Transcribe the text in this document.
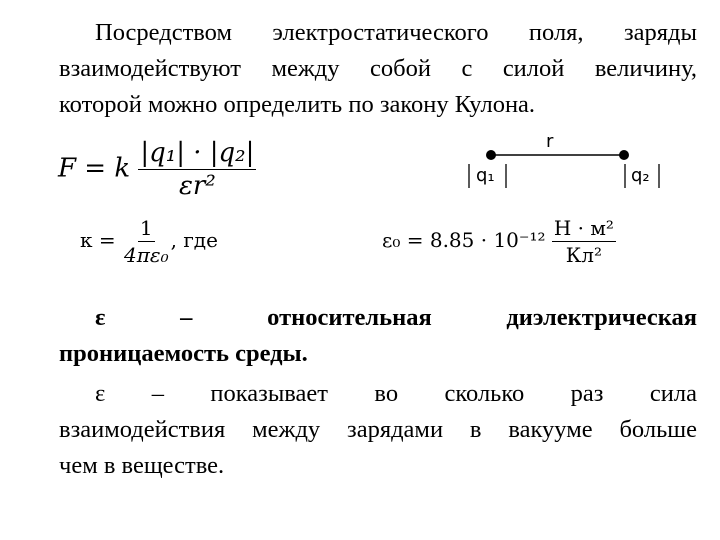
Посредством электростатического поля, заряды
взаимодействуют между собой с силой величину,
которой можно определить по закону Кулона.
F = k $\frac{\text{|q₁| · |q₂|}}{\text{εr²}}$
$к = \frac{1}{\text{4πε₀}}$ , где	$\varepsilon_0 = 8.85 \cdot 10^{-12} \frac{\text{Н · м²}}{\text{Кл²}}$
r
q₁	q₂
ε – относительная диэлектрическая
проницаемость среды.
ε – показывает во сколько раз сила
взаимодействия между зарядами в вакууме больше
чем в веществе.
